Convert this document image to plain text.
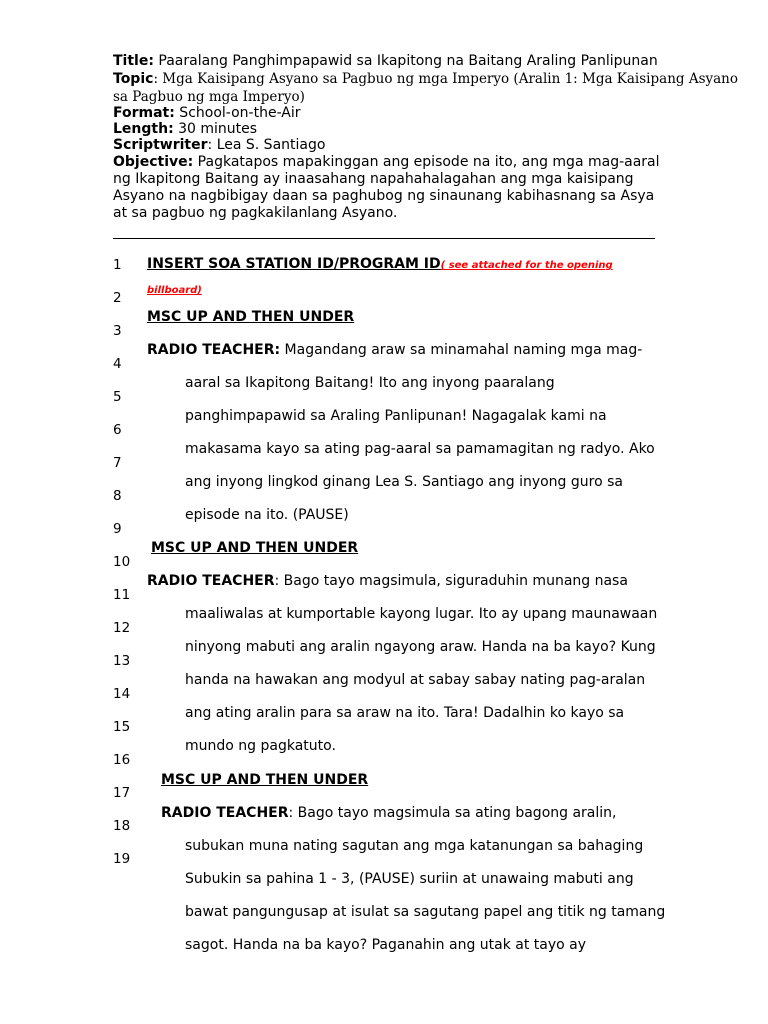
Title: Paaralang Panghimpapawid sa Ikapitong na Baitang Araling Panlipunan
Topic: Mga Kaisipang Asyano sa Pagbuo ng mga Imperyo (Aralin 1: Mga Kaisipang Asyano
sa Pagbuo ng mga Imperyo)
Format: School-on-the-Air
Length: 30 minutes
Scriptwriter: Lea S. Santiago
Objective: Pagkatapos mapakinggan ang episode na ito, ang mga mag-aaral
ng Ikapitong Baitang ay inaasahang napahahalagahan ang mga kaisipang
Asyano na nagbibigay daan sa paghubog ng sinaunang kabihasnang sa Asya
at sa pagbuo ng pagkakilanlang Asyano.
1
2
3
4
5
6
7
8
9
10
11
12
13
14
15
16
17
18
19
INSERT SOA STATION ID/PROGRAM ID( see attached for the opening
billboard)
MSC UP AND THEN UNDER
RADIO TEACHER: Magandang araw sa minamahal naming mga mag-
aaral sa Ikapitong Baitang! Ito ang inyong paaralang
panghimpapawid sa Araling Panlipunan! Nagagalak kami na
makasama kayo sa ating pag-aaral sa pamamagitan ng radyo. Ako
ang inyong lingkod ginang Lea S. Santiago ang inyong guro sa
episode na ito. (PAUSE)
MSC UP AND THEN UNDER
RADIO TEACHER: Bago tayo magsimula, siguraduhin munang nasa
maaliwalas at kumportable kayong lugar. Ito ay upang maunawaan
ninyong mabuti ang aralin ngayong araw. Handa na ba kayo? Kung
handa na hawakan ang modyul at sabay sabay nating pag-aralan
ang ating aralin para sa araw na ito. Tara! Dadalhin ko kayo sa
mundo ng pagkatuto.
MSC UP AND THEN UNDER
RADIO TEACHER: Bago tayo magsimula sa ating bagong aralin,
subukan muna nating sagutan ang mga katanungan sa bahaging
Subukin sa pahina 1 - 3, (PAUSE) suriin at unawaing mabuti ang
bawat pangungusap at isulat sa sagutang papel ang titik ng tamang
sagot. Handa na ba kayo? Paganahin ang utak at tayo ay
